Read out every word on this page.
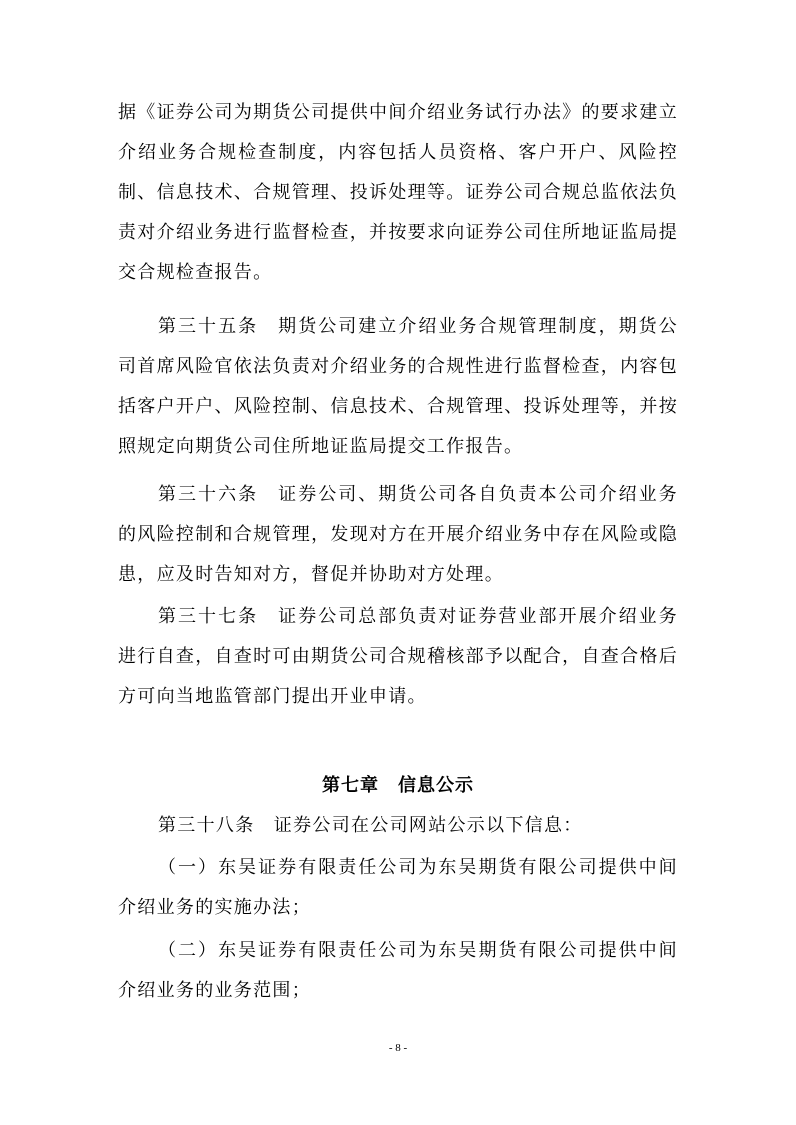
据《证券公司为期货公司提供中间介绍业务试行办法》的要求建立介绍业务合规检查制度，内容包括人员资格、客户开户、风险控制、信息技术、合规管理、投诉处理等。证券公司合规总监依法负责对介绍业务进行监督检查，并按要求向证券公司住所地证监局提交合规检查报告。

第三十五条　期货公司建立介绍业务合规管理制度，期货公司首席风险官依法负责对介绍业务的合规性进行监督检查，内容包括客户开户、风险控制、信息技术、合规管理、投诉处理等，并按照规定向期货公司住所地证监局提交工作报告。

第三十六条　证券公司、期货公司各自负责本公司介绍业务的风险控制和合规管理，发现对方在开展介绍业务中存在风险或隐患，应及时告知对方，督促并协助对方处理。

第三十七条　证券公司总部负责对证券营业部开展介绍业务进行自查，自查时可由期货公司合规稽核部予以配合，自查合格后方可向当地监管部门提出开业申请。

第七章　信息公示

第三十八条　证券公司在公司网站公示以下信息：

（一）东吴证券有限责任公司为东吴期货有限公司提供中间介绍业务的实施办法；

（二）东吴证券有限责任公司为东吴期货有限公司提供中间介绍业务的业务范围；

- 8 -
